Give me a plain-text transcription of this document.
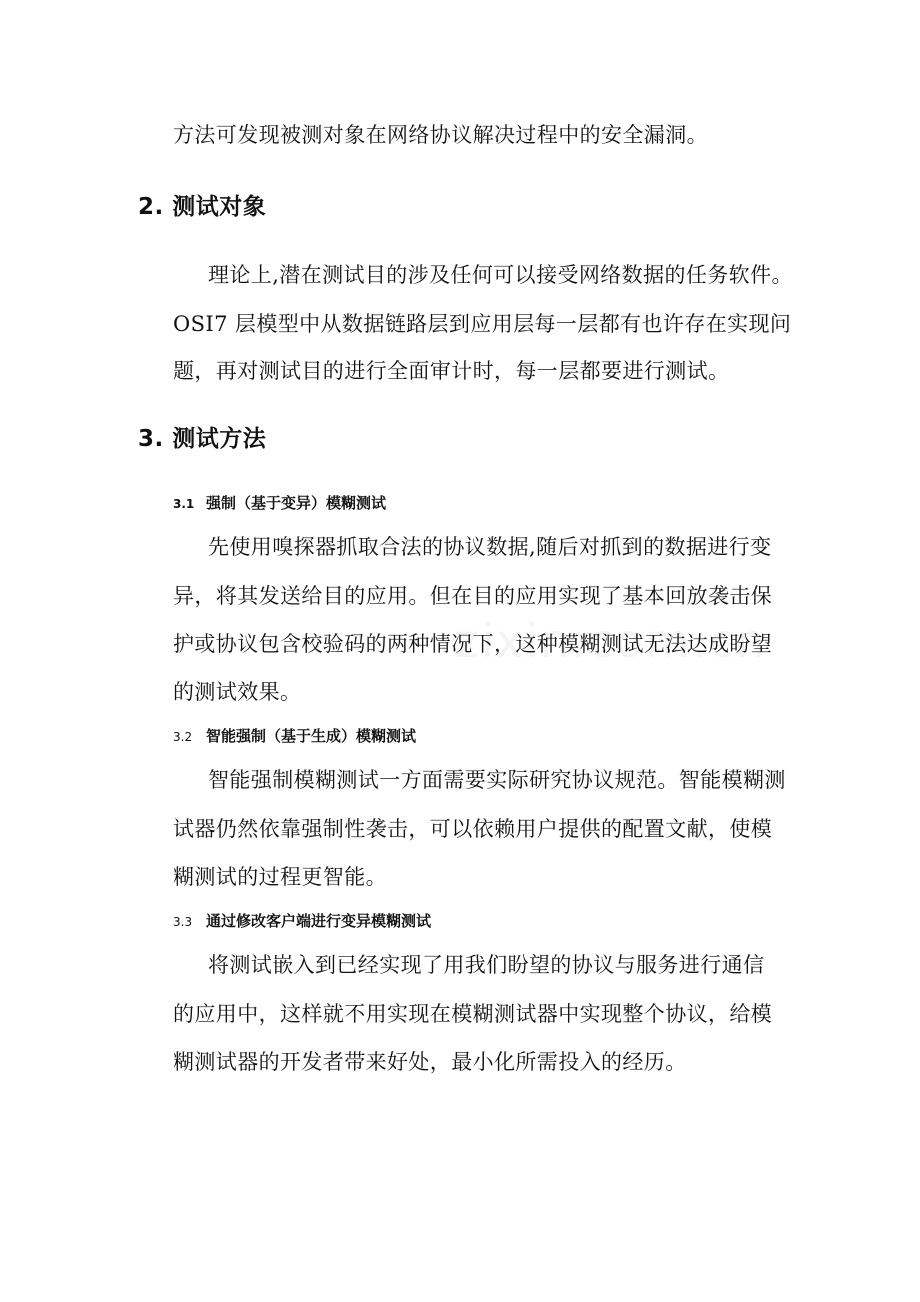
方法可发现被测对象在网络协议解决过程中的安全漏洞。
2. 测试对象
理论上,潜在测试目的涉及任何可以接受网络数据的任务软件。
OSI7 层模型中从数据链路层到应用层每一层都有也许存在实现问
题，再对测试目的进行全面审计时，每一层都要进行测试。
3. 测试方法
3.1 强制（基于变异）模糊测试
先使用嗅探器抓取合法的协议数据,随后对抓到的数据进行变
异，将其发送给目的应用。但在目的应用实现了基本回放袭击保
护或协议包含校验码的两种情况下，这种模糊测试无法达成盼望
的测试效果。
3.2 智能强制（基于生成）模糊测试
智能强制模糊测试一方面需要实际研究协议规范。智能模糊测
试器仍然依靠强制性袭击，可以依赖用户提供的配置文献，使模
糊测试的过程更智能。
3.3 通过修改客户端进行变异模糊测试
将测试嵌入到已经实现了用我们盼望的协议与服务进行通信
的应用中，这样就不用实现在模糊测试器中实现整个协议，给模
糊测试器的开发者带来好处，最小化所需投入的经历。
